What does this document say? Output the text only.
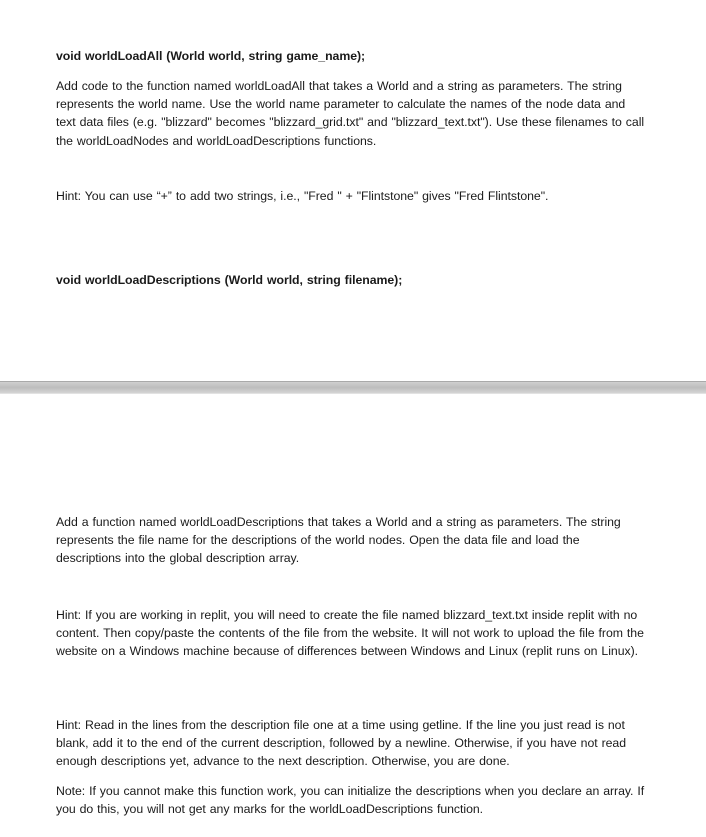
void worldLoadAll (World world, string game_name);

Add code to the function named worldLoadAll that takes a World and a string as parameters. The string represents the world name. Use the world name parameter to calculate the names of the node data and text data files (e.g. "blizzard" becomes "blizzard_grid.txt" and "blizzard_text.txt"). Use these filenames to call the worldLoadNodes and worldLoadDescriptions functions.

Hint: You can use “+” to add two strings, i.e., "Fred " + "Flintstone" gives "Fred Flintstone".

void worldLoadDescriptions (World world, string filename);

Add a function named worldLoadDescriptions that takes a World and a string as parameters. The string represents the file name for the descriptions of the world nodes. Open the data file and load the descriptions into the global description array.

Hint: If you are working in replit, you will need to create the file named blizzard_text.txt inside replit with no content. Then copy/paste the contents of the file from the website. It will not work to upload the file from the website on a Windows machine because of differences between Windows and Linux (replit runs on Linux).

Hint: Read in the lines from the description file one at a time using getline. If the line you just read is not blank, add it to the end of the current description, followed by a newline. Otherwise, if you have not read enough descriptions yet, advance to the next description. Otherwise, you are done.

Note: If you cannot make this function work, you can initialize the descriptions when you declare an array. If you do this, you will not get any marks for the worldLoadDescriptions function.
